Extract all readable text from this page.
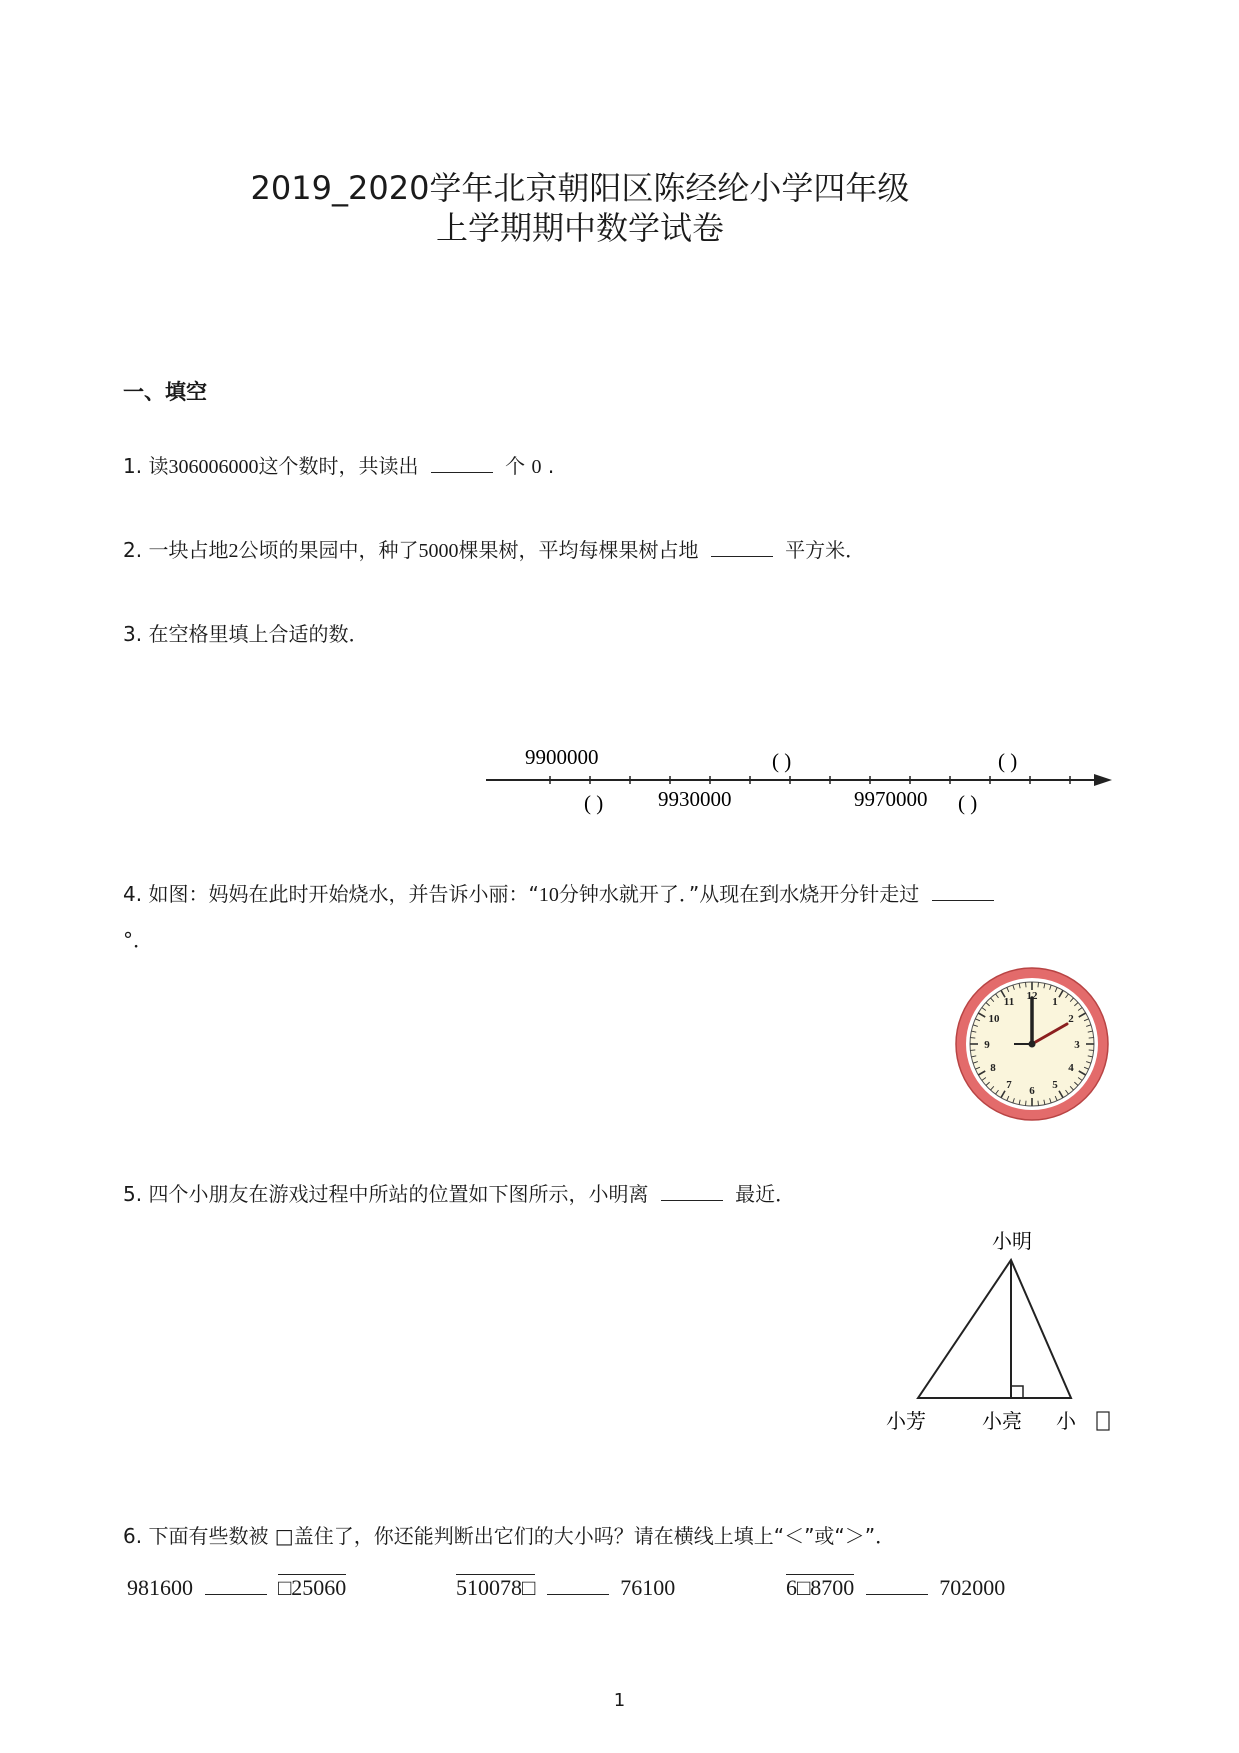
2019_2020学年北京朝阳区陈经纶小学四年级
上学期期中数学试卷
一、填空
1. 读306006000这个数时，共读出	个 0 .
2. 一块占地2公顷的果园中，种了5000棵果树，平均每棵果树占地	平方米．
3. 在空格里填上合适的数．
9900000	( )	( )
( )	9930000	9970000 ( )
4. 如图：妈妈在此时开始烧水，并告诉小丽：“10分钟水就开了．”从现在到水烧开分针走过
°．
12 1
2
3
4
5
6
7
8
9
10
11
5. 四个小朋友在游戏过程中所站的位置如下图所示，小明离	最近．
小明
小芳	小亮 小
6. 下面有些数被 □盖住了，你还能判断出它们的大小吗？请在横线上填上“＜”或“＞”．
981600	□25060	510078□	76100	6□8700	702000
1
